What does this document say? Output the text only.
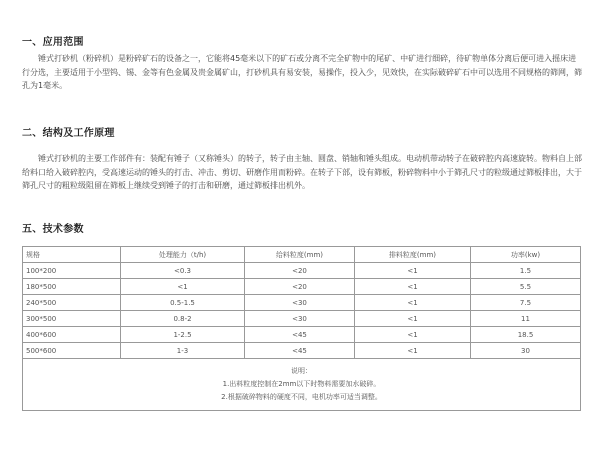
一、应用范围

锤式打砂机（粉碎机）是粉碎矿石的设备之一，它能将45毫米以下的矿石或分离不完全矿物中的尾矿、中矿进行细碎，待矿物单体分离后便可进入摇床进行分选，主要适用于小型钨、锡、金等有色金属及贵金属矿山，打砂机具有易安装，易操作，投入少，见效快，在实际破碎矿石中可以选用不同规格的筛网，筛孔为1毫米。

二、结构及工作原理

锤式打砂机的主要工作部件有：装配有锤子（又称锤头）的转子，转子由主轴、圆盘、销轴和锤头组成。电动机带动转子在破碎腔内高速旋转。物料自上部给料口给入破碎腔内，受高速运动的锤头的打击、冲击、剪切、研磨作用而粉碎。在转子下部，设有筛板，粉碎物料中小于筛孔尺寸的粒级通过筛板排出，大于筛孔尺寸的粗粒级阻留在筛板上继续受到锤子的打击和研磨，通过筛板排出机外。

五、技术参数
规格	处理能力（t/h)	给料粒度(mm)	排料粒度(mm)	功率(kw)
100*200	<0.3	<20	<1	1.5
180*500	<1	<20	<1	5.5
240*500	0.5-1.5	<30	<1	7.5
300*500	0.8-2	<30	<1	11
400*600	1-2.5	<45	<1	18.5
500*600	1-3	<45	<1	30

说明：
1.出料粒度控制在2mm以下时物料需要加水破碎。
2.根据破碎物料的硬度不同，电机功率可适当调整。				
